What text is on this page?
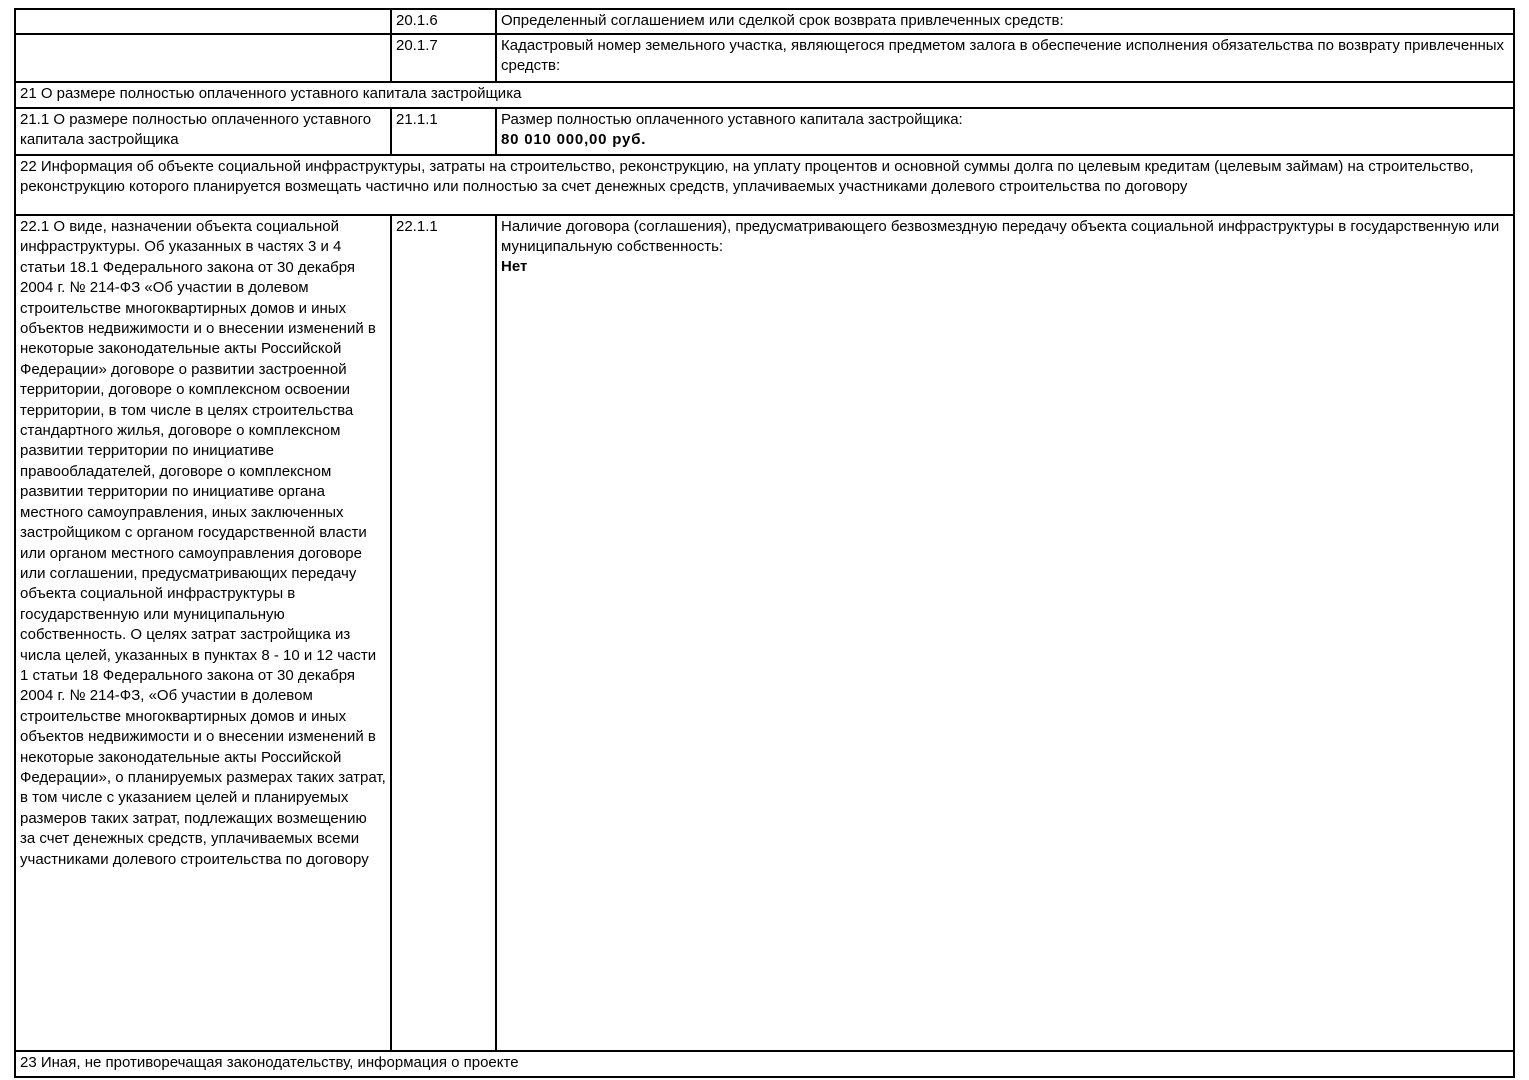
	20.1.6	Определенный соглашением или сделкой срок возврата привлеченных средств:
	20.1.7	Кадастровый номер земельного участка, являющегося предметом залога в обеспечение исполнения обязательства по возврату привлеченных средств:
21 О размере полностью оплаченного уставного капитала застройщика		
21.1 О размере полностью оплаченного уставного капитала застройщика	21.1.1	Размер полностью оплаченного уставного капитала застройщика:
80 010 000,00 руб.

22 Информация об объекте социальной инфраструктуры, затраты на строительство, реконструкцию, на уплату процентов и основной суммы долга по целевым кредитам (целевым займам) на строительство, реконструкцию которого планируется возмещать частично или полностью за счет денежных средств, уплачиваемых участниками долевого строительства по договору		
22.1 О виде, назначении объекта социальной инфраструктуры. Об указанных в частях 3 и 4 статьи 18.1 Федерального закона от 30 декабря 2004 г. № 214-ФЗ «Об участии в долевом строительстве многоквартирных домов и иных объектов недвижимости и о внесении изменений в некоторые законодательные акты Российской Федерации» договоре о развитии застроенной территории, договоре о комплексном освоении территории, в том числе в целях строительства стандартного жилья, договоре о комплексном развитии территории по инициативе правообладателей, договоре о комплексном развитии территории по инициативе органа местного самоуправления, иных заключенных застройщиком с органом государственной власти или органом местного самоуправления договоре или соглашении, предусматривающих передачу объекта социальной инфраструктуры в государственную или муниципальную собственность. О целях затрат застройщика из числа целей, указанных в пунктах 8 - 10 и 12 части 1 статьи 18 Федерального закона от 30 декабря 2004 г. № 214-ФЗ, «Об участии в долевом строительстве многоквартирных домов и иных объектов недвижимости и о внесении изменений в некоторые законодательные акты Российской Федерации», о планируемых размерах таких затрат, в том числе с указанием целей и планируемых размеров таких затрат, подлежащих возмещению за счет денежных средств, уплачиваемых всеми участниками долевого строительства по договору	22.1.1	Наличие договора (соглашения), предусматривающего безвозмездную передачу объекта социальной инфраструктуры в государственную или муниципальную собственность:
Нет

23 Иная, не противоречащая законодательству, информация о проекте		
